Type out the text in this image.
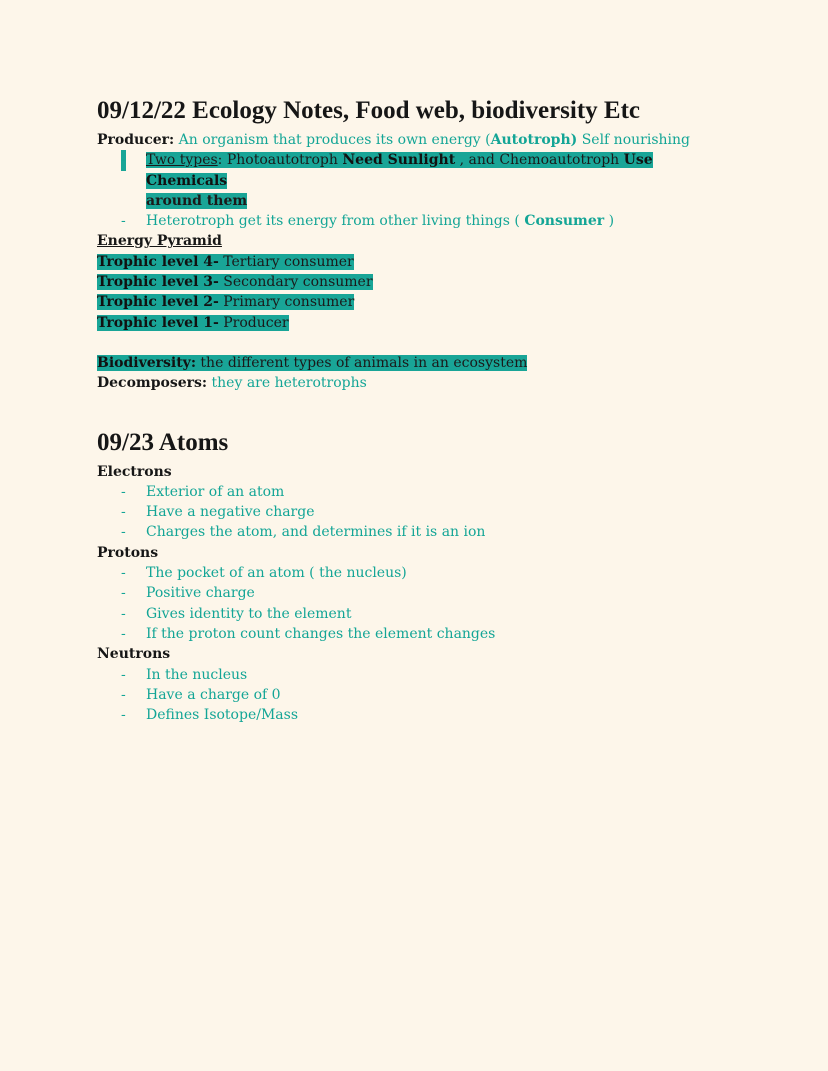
09/12/22 Ecology Notes, Food web, biodiversity Etc
Producer: An organism that produces its own energy (Autotroph) Self nourishing
- Two types: Photoautotroph Need Sunlight , and Chemoautotroph Use Chemicals
around them
- Heterotroph get its energy from other living things ( Consumer )
Energy Pyramid
Trophic level 4- Tertiary consumer
Trophic level 3- Secondary consumer
Trophic level 2- Primary consumer
Trophic level 1- Producer
Biodiversity: the different types of animals in an ecosystem
Decomposers: they are heterotrophs
09/23 Atoms
Electrons
- Exterior of an atom
- Have a negative charge
- Charges the atom, and determines if it is an ion
Protons
- The pocket of an atom ( the nucleus)
- Positive charge
- Gives identity to the element
- If the proton count changes the element changes
Neutrons
- In the nucleus
- Have a charge of 0
- Defines Isotope/Mass
